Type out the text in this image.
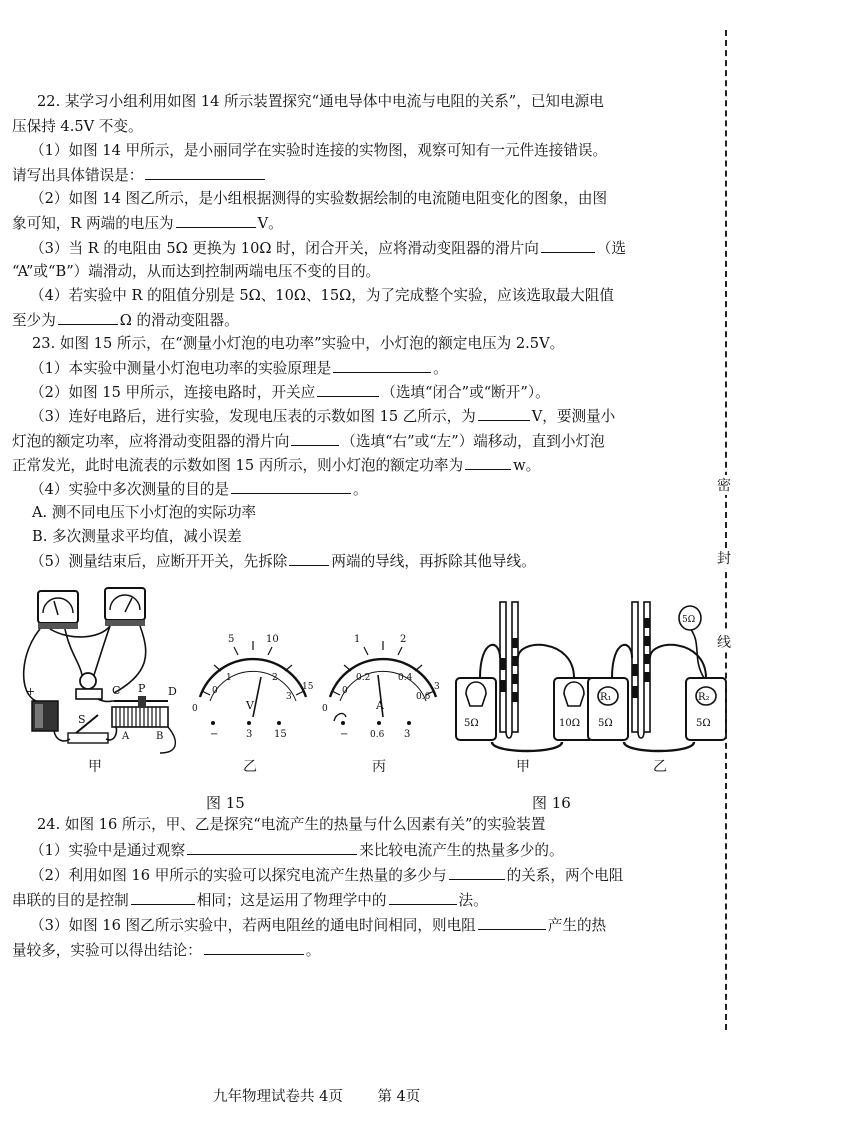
22. 某学习小组利用如图 14 所示装置探究“通电导体中电流与电阻的关系”，已知电源电
压保持 4.5V 不变。
（1）如图 14 甲所示，是小丽同学在实验时连接的实物图，观察可知有一元件连接错误。
请写出具体错误是：
（2）如图 14 图乙所示，是小组根据测得的实验数据绘制的电流随电阻变化的图象，由图
象可知，R 两端的电压为	V。
（3）当 R 的电阻由 5Ω 更换为 10Ω 时，闭合开关，应将滑动变阻器的滑片向	（选
“A”或“B”）端滑动，从而达到控制两端电压不变的目的。
（4）若实验中 R 的阻值分别是 5Ω、10Ω、15Ω，为了完成整个实验，应该选取最大阻值
至少为	Ω 的滑动变阻器。
23. 如图 15 所示，在“测量小灯泡的电功率”实验中，小灯泡的额定电压为 2.5V。
（1）本实验中测量小灯泡电功率的实验原理是	。
（2）如图 15 甲所示，连接电路时，开关应	（选填“闭合”或“断开”）。
（3）连好电路后，进行实验，发现电压表的示数如图 15 乙所示，为	V，要测量小
灯泡的额定功率，应将滑动变阻器的滑片向	（选填“右”或“左”）端移动，直到小灯泡
正常发光，此时电流表的示数如图 15 丙所示，则小灯泡的额定功率为	w。
（4）实验中多次测量的目的是	。
A. 测不同电压下小灯泡的实际功率
B. 多次测量求平均值，减小误差
（5）测量结束后，应断开开关，先拆除	两端的导线，再拆除其他导线。
+	C P D
A	B
S
甲
5	10
0
1	2
3
0
15
V
−	3 15
乙
1	2
0
0.2	0.4
0.6
0
3
A
− 0.6 3
丙
图 15
5Ω	10Ω
甲
5Ω
R₁	R₂
5Ω	5Ω
乙
图 16
24. 如图 16 所示，甲、乙是探究“电流产生的热量与什么因素有关”的实验装置
（1）实验中是通过观察	来比较电流产生的热量多少的。
（2）利用如图 16 甲所示的实验可以探究电流产生热量的多少与	的关系，两个电阻
串联的目的是控制	相同；这是运用了物理学中的	法。
（3）如图 16 图乙所示实验中，若两电阻丝的通电时间相同，则电阻	产生的热
量较多，实验可以得出结论：	。
密
封
线
九年物理试卷共 4页 第 4页
